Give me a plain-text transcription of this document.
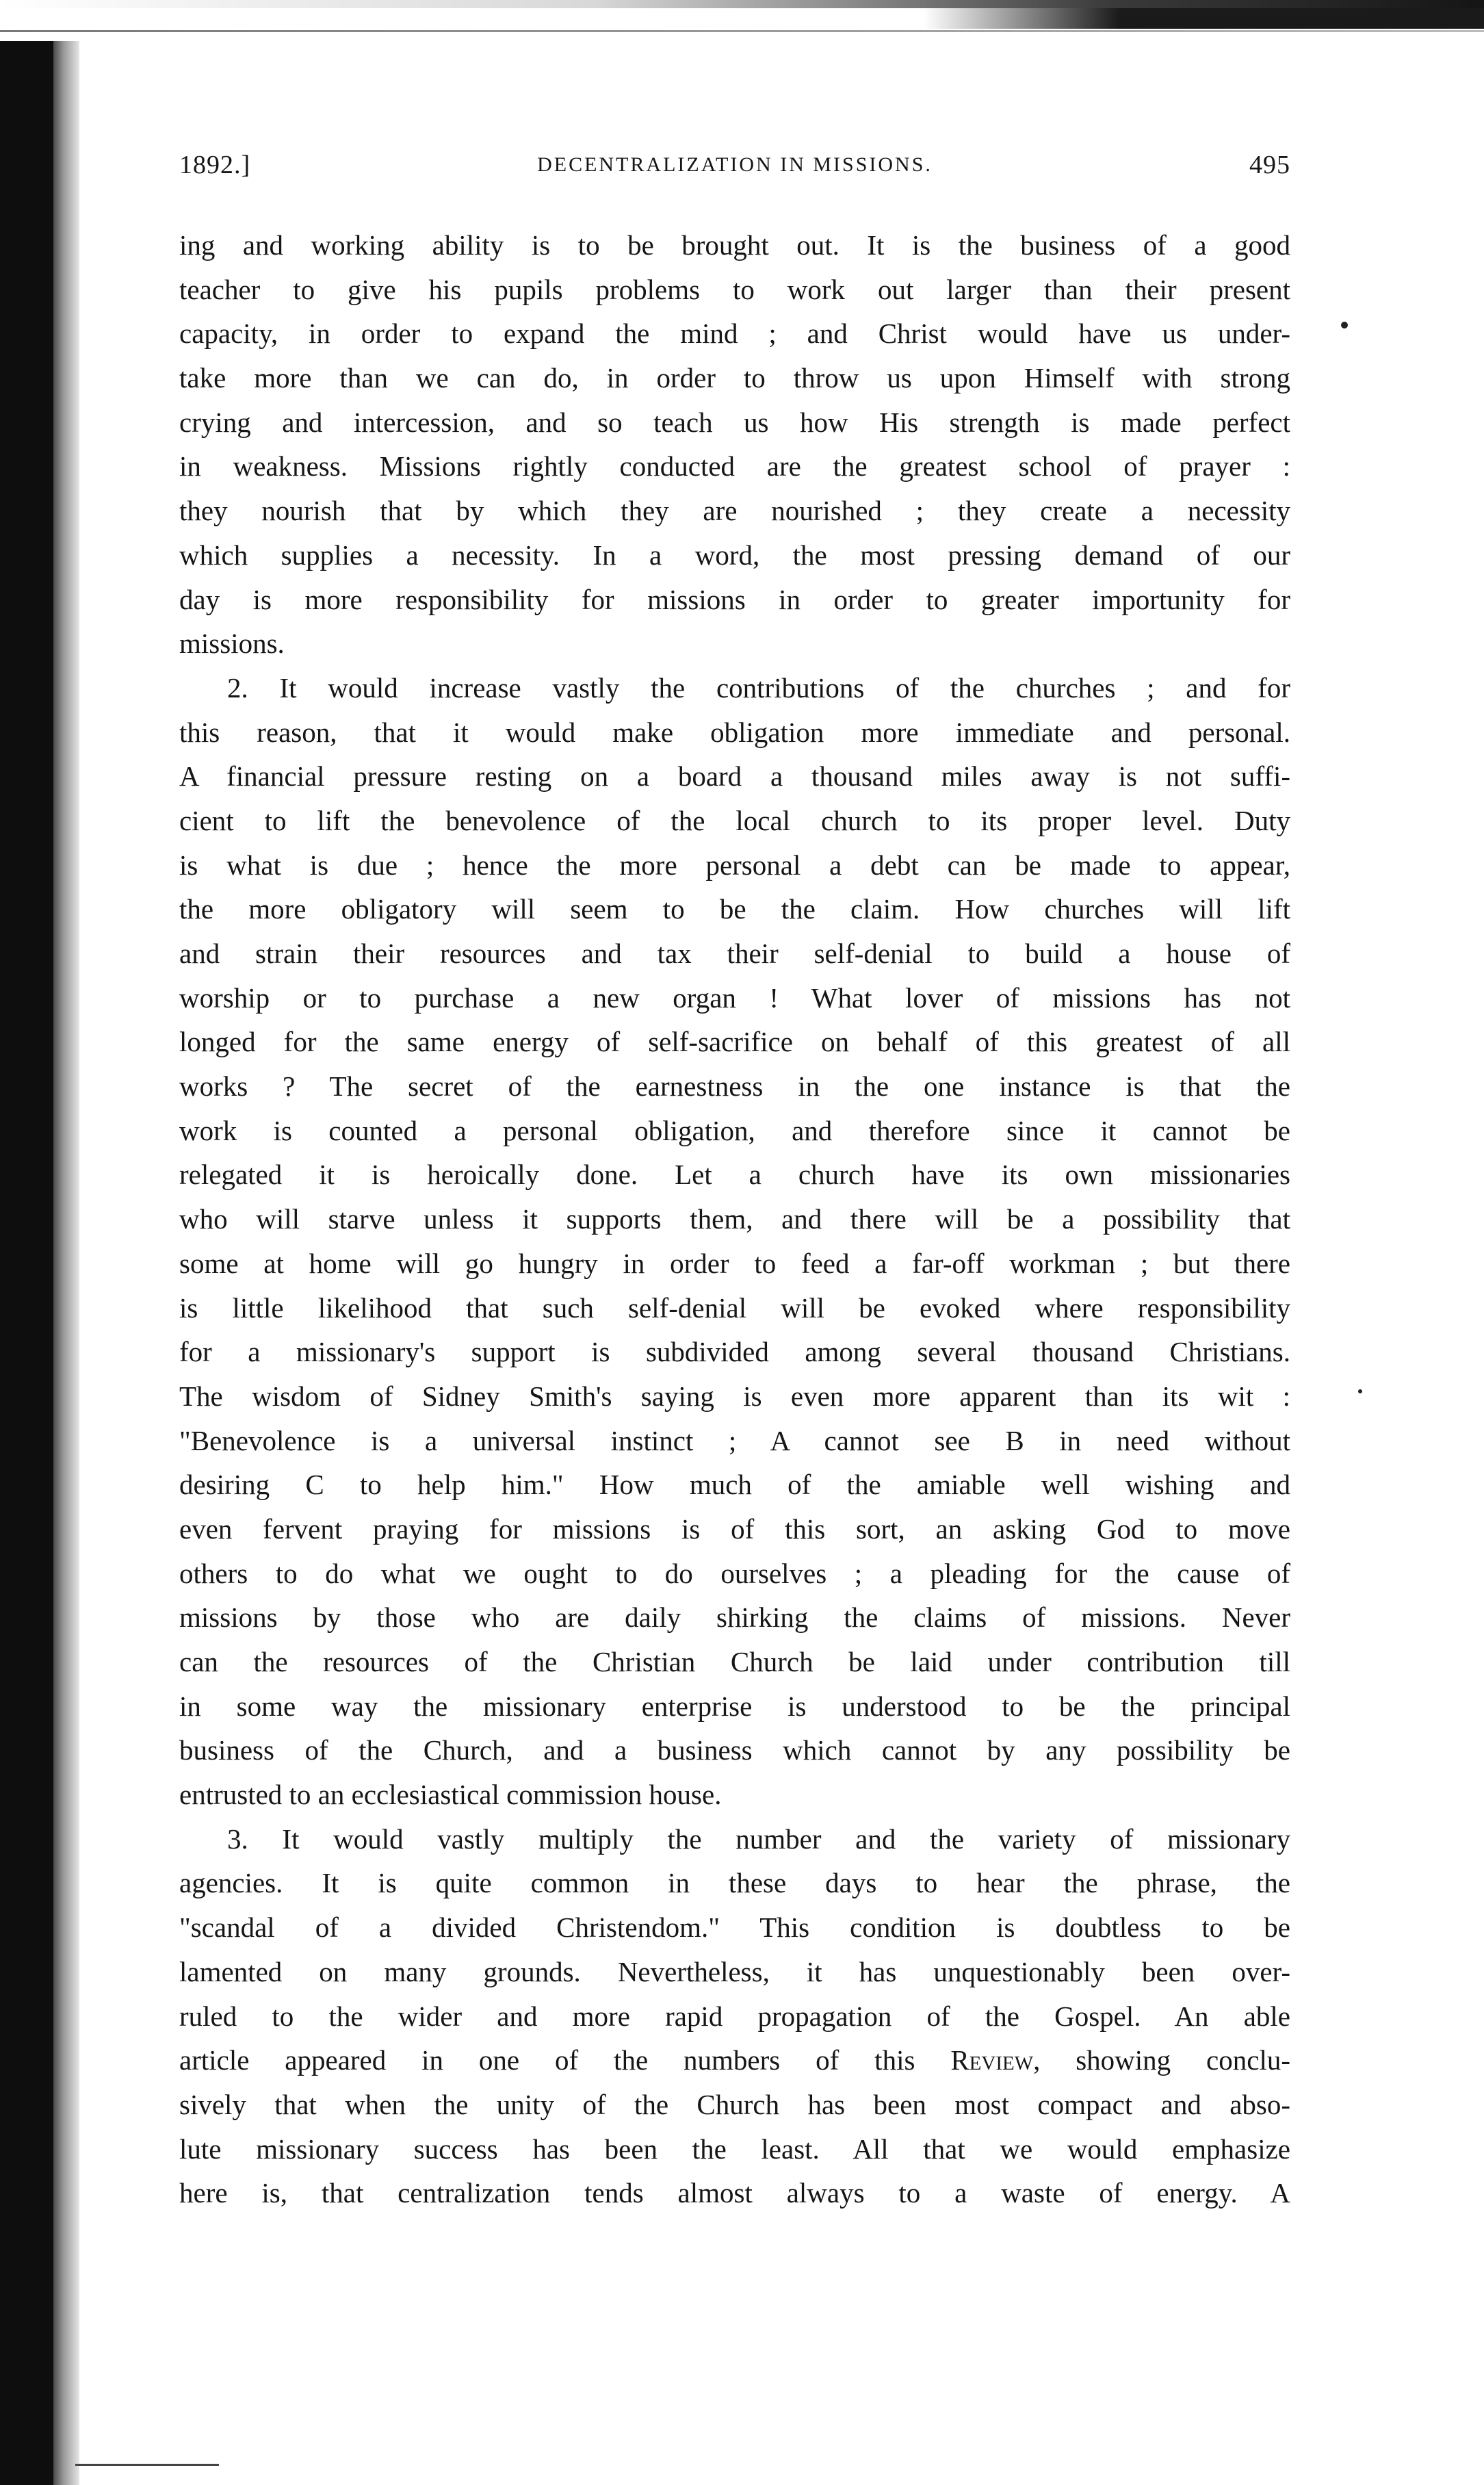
1892.]	DECENTRALIZATION IN MISSIONS.	495
ing and working ability is to be brought out. It is the business of a good
teacher to give his pupils problems to work out larger than their present
capacity, in order to expand the mind ; and Christ would have us under-
take more than we can do, in order to throw us upon Himself with strong
crying and intercession, and so teach us how His strength is made perfect
in weakness. Missions rightly conducted are the greatest school of prayer :
they nourish that by which they are nourished ; they create a necessity
which supplies a necessity. In a word, the most pressing demand of our
day is more responsibility for missions in order to greater importunity for
missions.
2. It would increase vastly the contributions of the churches ; and for
this reason, that it would make obligation more immediate and personal.
A financial pressure resting on a board a thousand miles away is not suffi-
cient to lift the benevolence of the local church to its proper level. Duty
is what is due ; hence the more personal a debt can be made to appear,
the more obligatory will seem to be the claim. How churches will lift
and strain their resources and tax their self-denial to build a house of
worship or to purchase a new organ ! What lover of missions has not
longed for the same energy of self-sacrifice on behalf of this greatest of all
works ? The secret of the earnestness in the one instance is that the
work is counted a personal obligation, and therefore since it cannot be
relegated it is heroically done. Let a church have its own missionaries
who will starve unless it supports them, and there will be a possibility that
some at home will go hungry in order to feed a far-off workman ; but there
is little likelihood that such self-denial will be evoked where responsibility
for a missionary's support is subdivided among several thousand Christians.
The wisdom of Sidney Smith's saying is even more apparent than its wit :
"Benevolence is a universal instinct ; A cannot see B in need without
desiring C to help him." How much of the amiable well wishing and
even fervent praying for missions is of this sort, an asking God to move
others to do what we ought to do ourselves ; a pleading for the cause of
missions by those who are daily shirking the claims of missions. Never
can the resources of the Christian Church be laid under contribution till
in some way the missionary enterprise is understood to be the principal
business of the Church, and a business which cannot by any possibility be
entrusted to an ecclesiastical commission house.
3. It would vastly multiply the number and the variety of missionary
agencies. It is quite common in these days to hear the phrase, the
"scandal of a divided Christendom." This condition is doubtless to be
lamented on many grounds. Nevertheless, it has unquestionably been over-
ruled to the wider and more rapid propagation of the Gospel. An able
article appeared in one of the numbers of this Review, showing conclu-
sively that when the unity of the Church has been most compact and abso-
lute missionary success has been the least. All that we would emphasize
here is, that centralization tends almost always to a waste of energy. A
